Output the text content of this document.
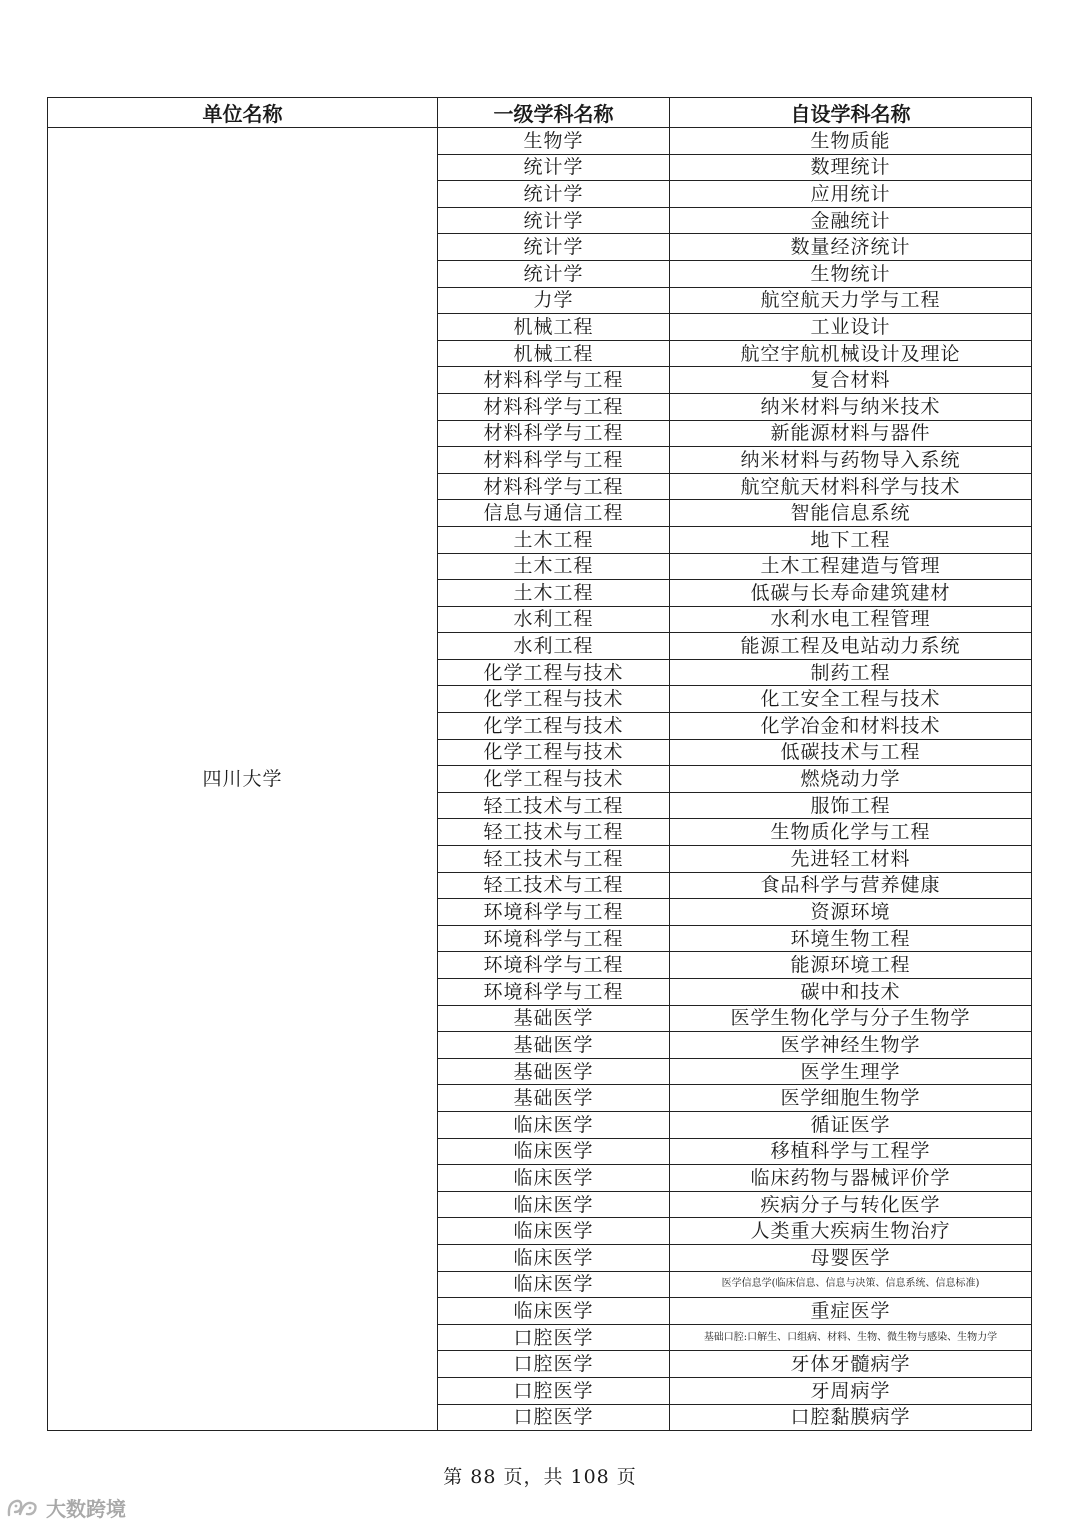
单位名称	一级学科名称	自设学科名称
四川大学	生物学	生物质能
	统计学	数理统计
	统计学	应用统计
	统计学	金融统计
	统计学	数量经济统计
	统计学	生物统计
	力学	航空航天力学与工程
	机械工程	工业设计
	机械工程	航空宇航机械设计及理论
	材料科学与工程	复合材料
	材料科学与工程	纳米材料与纳米技术
	材料科学与工程	新能源材料与器件
	材料科学与工程	纳米材料与药物导入系统
	材料科学与工程	航空航天材料科学与技术
	信息与通信工程	智能信息系统
	土木工程	地下工程
	土木工程	土木工程建造与管理
	土木工程	低碳与长寿命建筑建材
	水利工程	水利水电工程管理
	水利工程	能源工程及电站动力系统
	化学工程与技术	制药工程
	化学工程与技术	化工安全工程与技术
	化学工程与技术	化学冶金和材料技术
	化学工程与技术	低碳技术与工程
	化学工程与技术	燃烧动力学
	轻工技术与工程	服饰工程
	轻工技术与工程	生物质化学与工程
	轻工技术与工程	先进轻工材料
	轻工技术与工程	食品科学与营养健康
	环境科学与工程	资源环境
	环境科学与工程	环境生物工程
	环境科学与工程	能源环境工程
	环境科学与工程	碳中和技术
	基础医学	医学生物化学与分子生物学
	基础医学	医学神经生物学
	基础医学	医学生理学
	基础医学	医学细胞生物学
	临床医学	循证医学
	临床医学	移植科学与工程学
	临床医学	临床药物与器械评价学
	临床医学	疾病分子与转化医学
	临床医学	人类重大疾病生物治疗
	临床医学	母婴医学
	临床医学	医学信息学(临床信息、信息与决策、信息系统、信息标准)
	临床医学	重症医学
	口腔医学	基础口腔:口解生、口组病、材料、生物、微生物与感染、生物力学
	口腔医学	牙体牙髓病学
	口腔医学	牙周病学
	口腔医学	口腔黏膜病学
第 88 页，共 108 页
大数跨境
